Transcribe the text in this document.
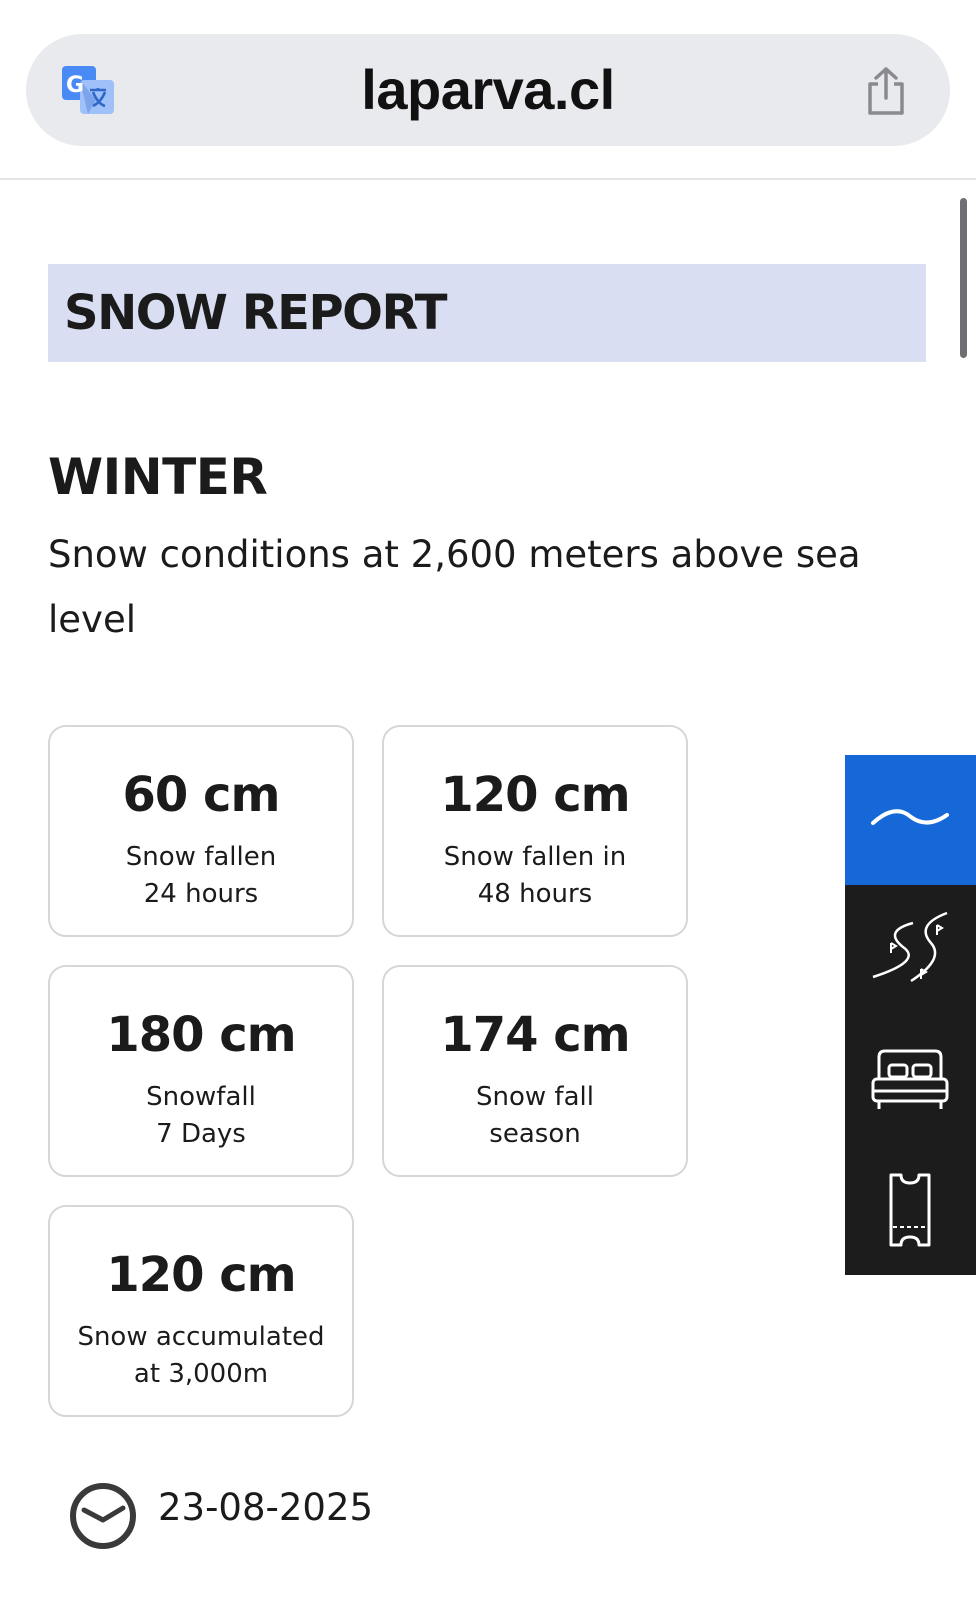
G	laparva.cl
SNOW REPORT
WINTER
Snow conditions at 2,600 meters above sea level
60 cm
Snow fallen
24 hours
120 cm
Snow fallen in
48 hours
180 cm
Snowfall
7 Days
174 cm
Snow fall
season
120 cm
Snow accumulated
at 3,000m
23-08-2025
